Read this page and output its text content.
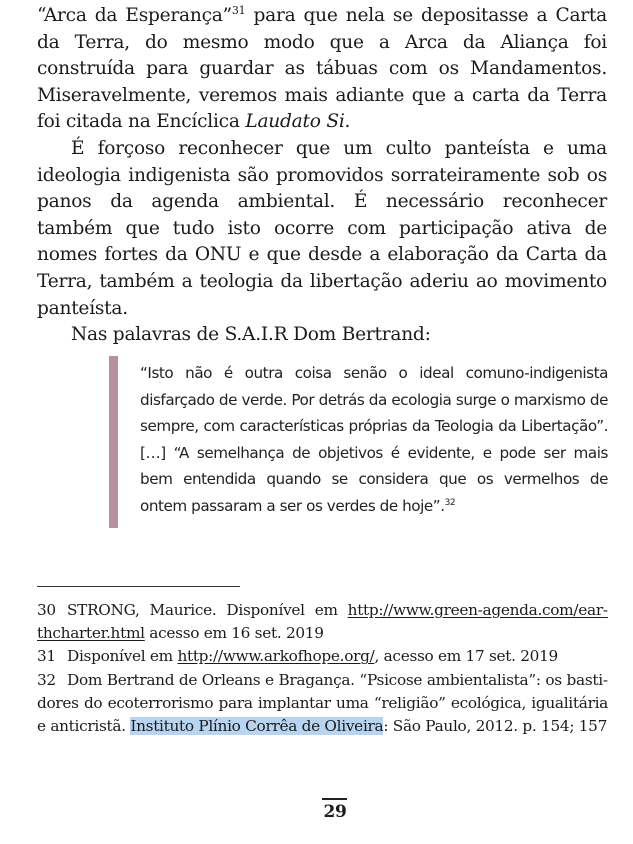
“Arca da Esperança”$^{31}$ para que nela se depositasse a Carta da Terra, do mesmo modo que a Arca da Aliança foi construída para guardar as tábuas com os Mandamentos. Miseravelmente, veremos mais adiante que a carta da Terra foi citada na Encíclica Laudato Si.

É forçoso reconhecer que um culto panteísta e uma ideologia indigenista são promovidos sorrateiramente sob os panos da agenda ambiental. É necessário reconhecer também que tudo isto ocorre com participação ativa de nomes fortes da ONU e que desde a elaboração da Carta da Terra, também a teologia da libertação aderiu ao movimento panteísta.

Nas palavras de S.A.I.R Dom Bertrand:

“Isto não é outra coisa senão o ideal comuno-indigenista disfarçado de verde. Por detrás da ecologia surge o marxismo de sempre, com características próprias da Teologia da Libertação”. […] “A semelhança de objetivos é evidente, e pode ser mais bem entendida quando se considera que os vermelhos de ontem passaram a ser os verdes de hoje”.$^{32}$

30 STRONG, Maurice. Disponível em http://www.green-agenda.com/earthcharter.html acesso em 16 set. 2019

31 Disponível em http://www.arkofhope.org/, acesso em 17 set. 2019

32 Dom Bertrand de Orleans e Bragança. “Psicose ambientalista”: os bastidores do ecoterrorismo para implantar uma “religião” ecológica, igualitária e anticristã. Instituto Plínio Corrêa de Oliveira: São Paulo, 2012. p. 154; 157

29
